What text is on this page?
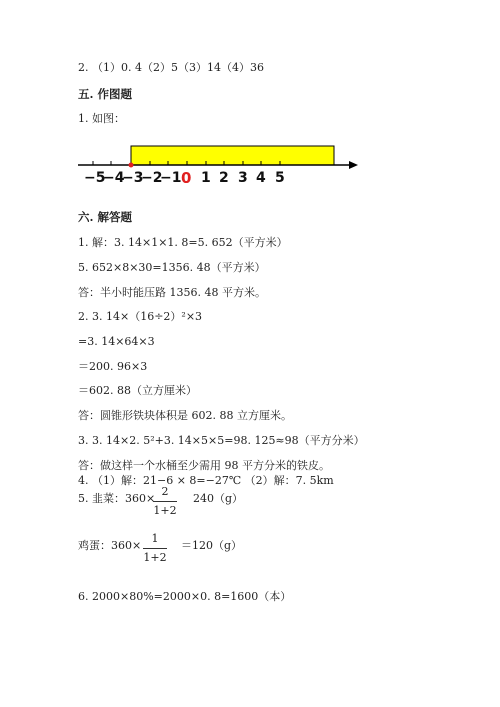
2. （1）0. 4（2）5（3）14（4）36
五. 作图题
1. 如图：
−5
−4
−3
−2
−1 0 1 2 3 4 5
六. 解答题
1. 解：3. 14×1×1. 8=5. 652（平方米）
5. 652×8×30=1356. 48（平方米）
答：半小时能压路 1356. 48 平方米。
2. 3. 14×（16÷2）²×3
=3. 14×64×3
＝200. 96×3
＝602. 88（立方厘米）
答：圆锥形铁块体积是 602. 88 立方厘米。
3. 3. 14×2. 5²+3. 14×5×5=98. 125≈98（平方分米）
答：做这样一个水桶至少需用 98 平方分米的铁皮。
4. （1）解：21−6 × 8=−27℃ （2）解：7. 5km
5. 韭菜：360×
2
1+2
240（g）
鸡蛋：360×
1
1+2
＝120（g）
6. 2000×80%=2000×0. 8=1600（本）
